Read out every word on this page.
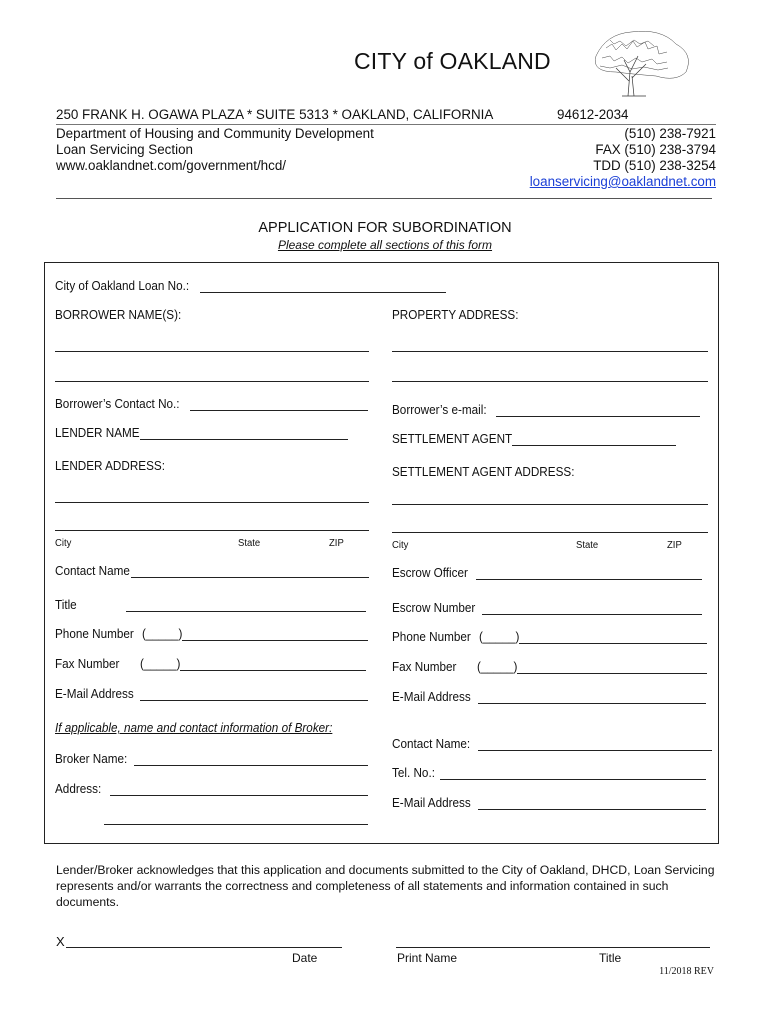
CITY of OAKLAND
250 FRANK H. OGAWA PLAZA * SUITE 5313 * OAKLAND, CALIFORNIA	94612-2034
Department of Housing and Community Development
Loan Servicing Section
www.oaklandnet.com/government/hcd/
(510) 238-7921
FAX (510) 238-3794
TDD (510) 238-3254
loanservicing@oaklandnet.com
APPLICATION FOR SUBORDINATION
Please complete all sections of this form
City of Oakland Loan No.:
BORROWER NAME(S):	PROPERTY ADDRESS:
Borrower’s Contact No.:	Borrower’s e-mail:
LENDER NAME	SETTLEMENT AGENT
LENDER ADDRESS:	SETTLEMENT AGENT ADDRESS:
City	State	ZIP	City	State	ZIP
Contact Name	Escrow Officer
Title	Escrow Number
Phone Number (_____)	Phone Number (_____)
Fax Number (_____)	Fax Number (_____)
E-Mail Address	E-Mail Address
If applicable, name and contact information of Broker:
Broker Name:
Address:
Contact Name:
Tel. No.:
E-Mail Address
Lender/Broker acknowledges that this application and documents submitted to the City of Oakland, DHCD, Loan Servicing represents and/or warrants the correctness and completeness of all statements and information contained in such documents.
X
Date	Print Name	Title
11/2018 REV
